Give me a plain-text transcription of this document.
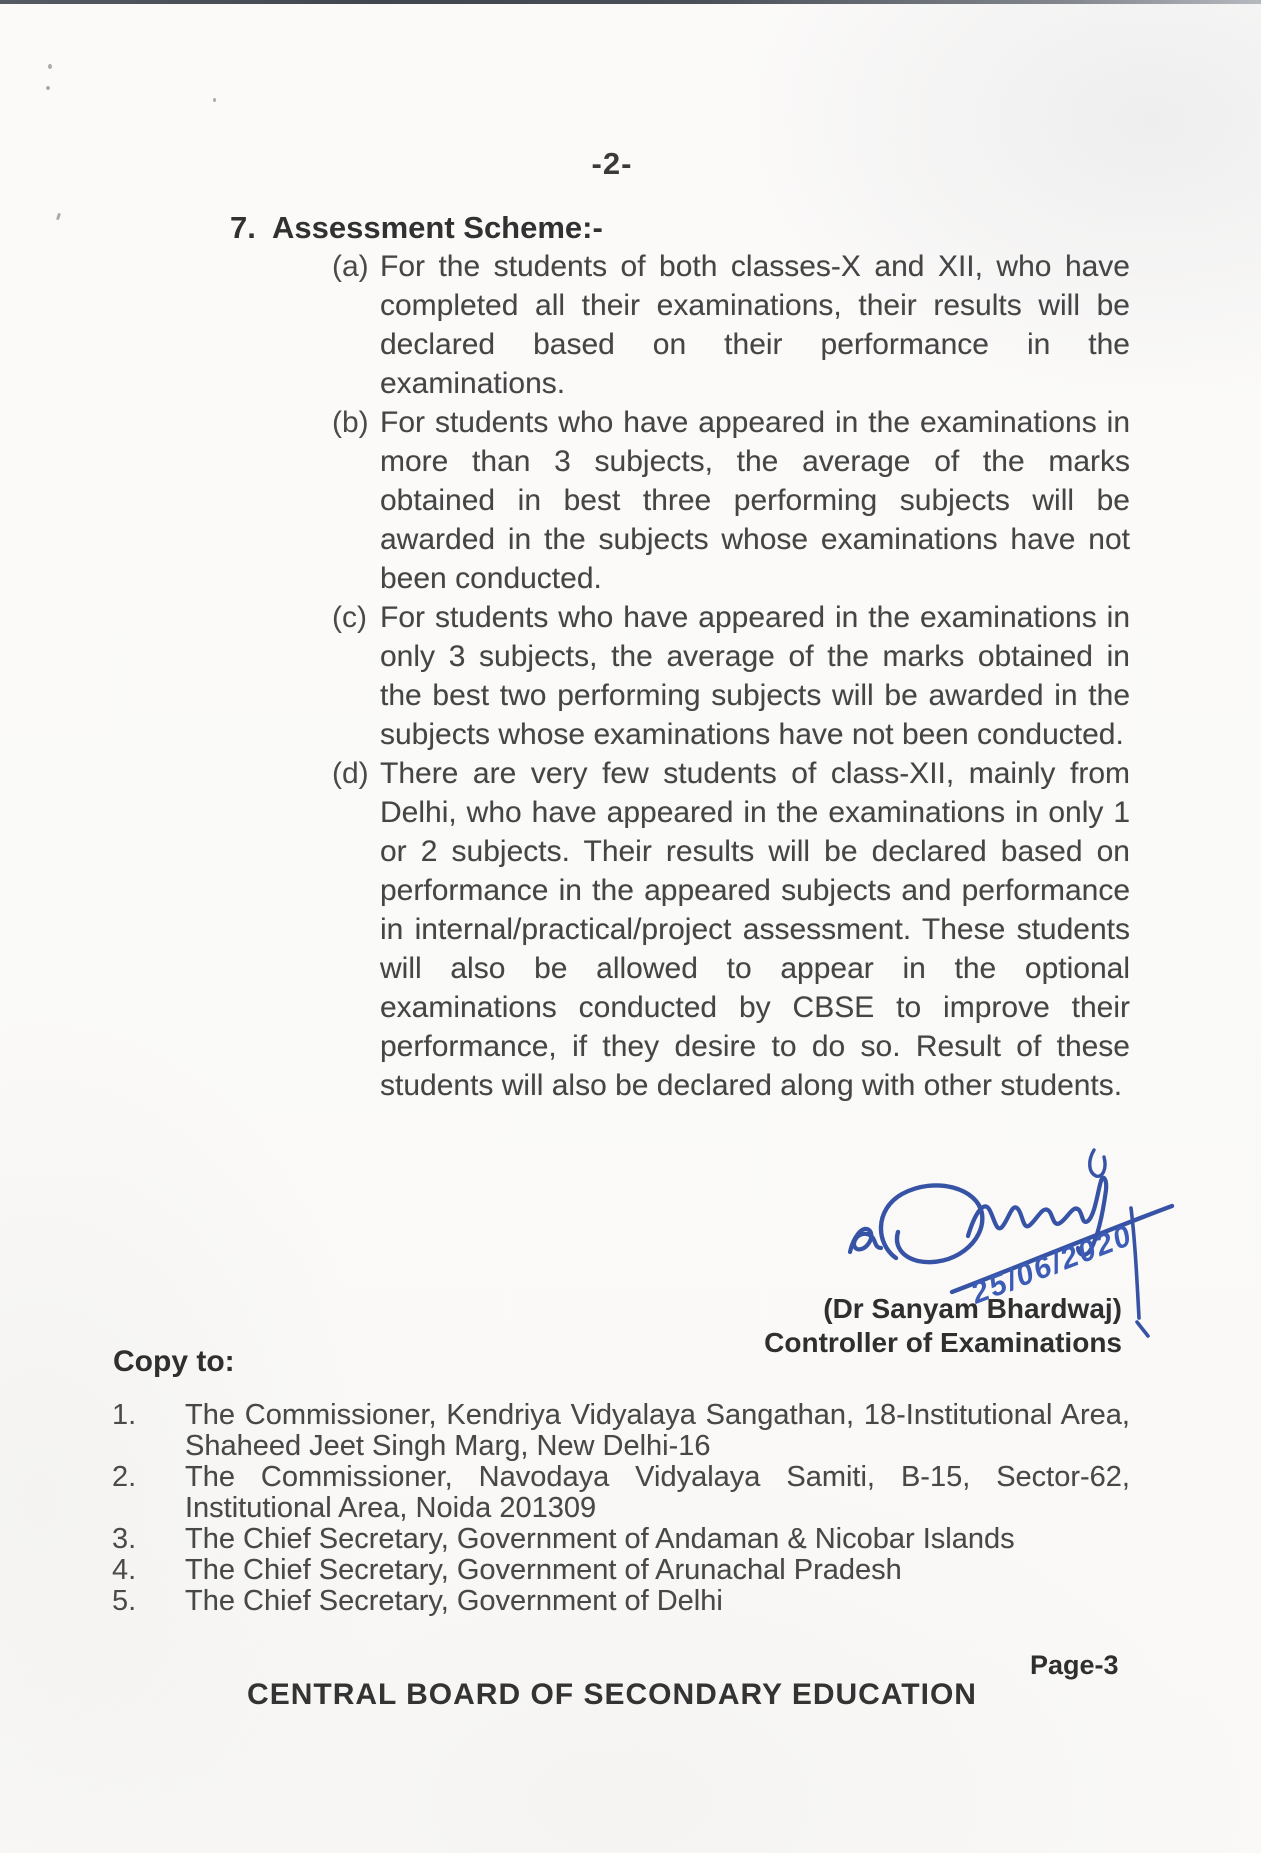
-2-
7. Assessment Scheme:-
(a) For the students of both classes-X and XII, who have completed all their examinations, their results will be declared based on their performance in the examinations.
(b) For students who have appeared in the examinations in more than 3 subjects, the average of the marks obtained in best three performing subjects will be awarded in the subjects whose examinations have not been conducted.
(c) For students who have appeared in the examinations in only 3 subjects, the average of the marks obtained in the best two performing subjects will be awarded in the subjects whose examinations have not been conducted.
(d) There are very few students of class-XII, mainly from Delhi, who have appeared in the examinations in only 1 or 2 subjects. Their results will be declared based on performance in the appeared subjects and performance in internal/practical/project assessment. These students will also be allowed to appear in the optional examinations conducted by CBSE to improve their performance, if they desire to do so. Result of these students will also be declared along with other students.
25/06/2020
(Dr Sanyam Bhardwaj)
Controller of Examinations
Copy to:
1.	The Commissioner, Kendriya Vidyalaya Sangathan, 18-Institutional Area, Shaheed Jeet Singh Marg, New Delhi-16
2.	The Commissioner, Navodaya Vidyalaya Samiti, B-15, Sector-62, Institutional Area, Noida 201309
3.	The Chief Secretary, Government of Andaman & Nicobar Islands
4.	The Chief Secretary, Government of Arunachal Pradesh
5.	The Chief Secretary, Government of Delhi
Page-3
CENTRAL BOARD OF SECONDARY EDUCATION
